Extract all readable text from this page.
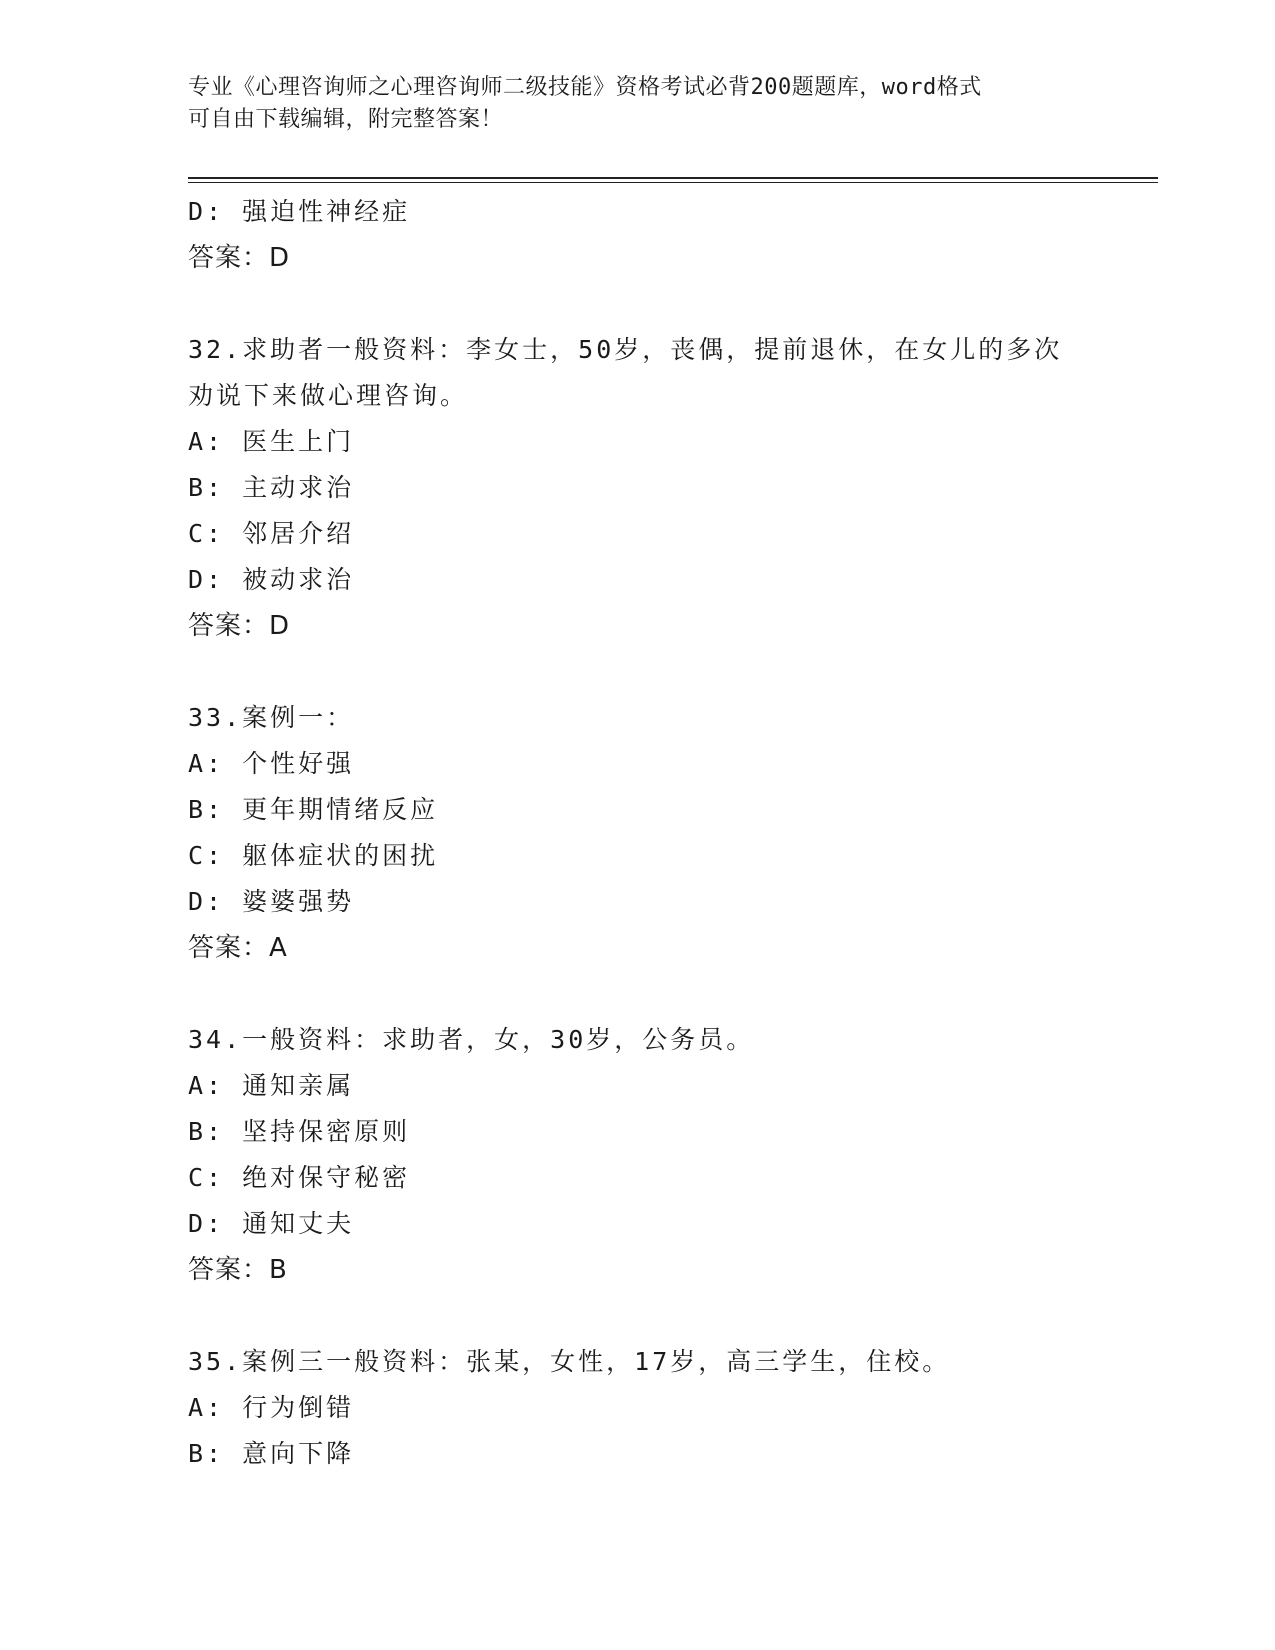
专业《心理咨询师之心理咨询师二级技能》资格考试必背200题题库，word格式
可自由下载编辑，附完整答案！
D: 强迫性神经症
答案：D
32.求助者一般资料：李女士，50岁，丧偶，提前退休，在女儿的多次
劝说下来做心理咨询。
A: 医生上门
B: 主动求治
C: 邻居介绍
D: 被动求治
答案：D
33.案例一：
A: 个性好强
B: 更年期情绪反应
C: 躯体症状的困扰
D: 婆婆强势
答案：A
34.一般资料：求助者，女，30岁，公务员。
A: 通知亲属
B: 坚持保密原则
C: 绝对保守秘密
D: 通知丈夫
答案：B
35.案例三一般资料：张某，女性，17岁，高三学生，住校。
A: 行为倒错
B: 意向下降
